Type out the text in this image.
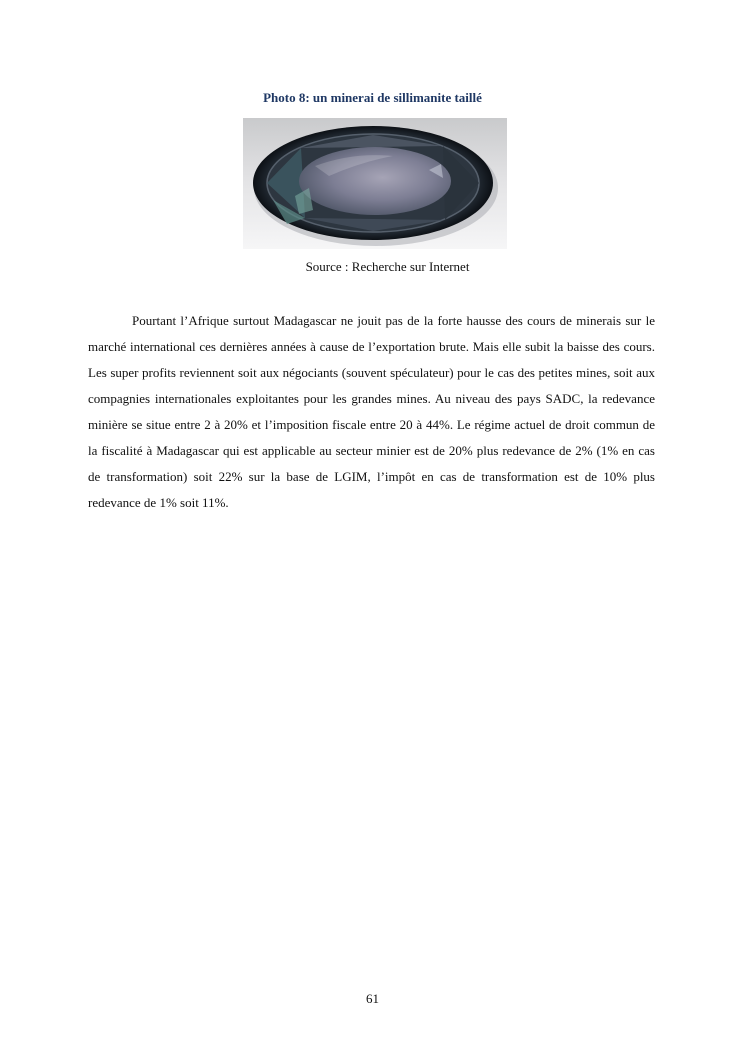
Photo 8: un minerai de sillimanite taillé

Source : Recherche sur Internet

Pourtant l’Afrique surtout Madagascar ne jouit pas de la forte hausse des cours de minerais sur le marché international ces dernières années à cause de l’exportation brute. Mais elle subit la baisse des cours. Les super profits reviennent soit aux négociants (souvent spéculateur) pour le cas des petites mines, soit aux compagnies internationales exploitantes pour les grandes mines. Au niveau des pays SADC, la redevance minière se situe entre 2 à 20% et l’imposition fiscale entre 20 à 44%. Le régime actuel de droit commun de la fiscalité à Madagascar qui est applicable au secteur minier est de 20% plus redevance de 2% (1% en cas de transformation) soit 22% sur la base de LGIM, l’impôt en cas de transformation est de 10% plus redevance de 1% soit 11%.

61
